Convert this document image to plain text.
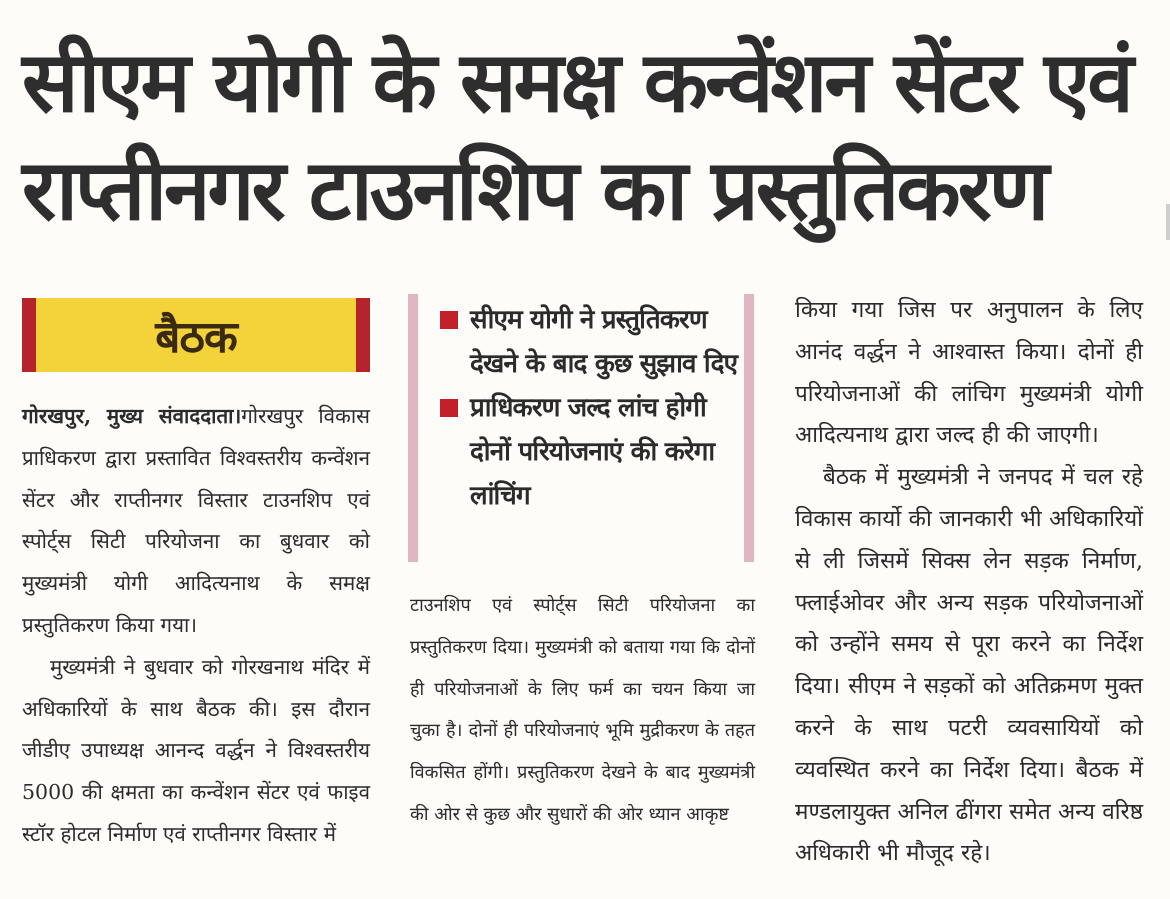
सीएम योगी के समक्ष कन्वेंशन सेंटर एवं
राप्तीनगर टाउनशिप का प्रस्तुतिकरण
बैठक

गोरखपुर, मुख्य संवाददाता।गोरखपुर विकास प्राधिकरण द्वारा प्रस्तावित विश्वस्तरीय कन्वेंशन सेंटर और राप्तीनगर विस्तार टाउनशिप एवं स्पोर्ट्स सिटी परियोजना का बुधवार को मुख्यमंत्री योगी आदित्यनाथ के समक्ष प्रस्तुतिकरण किया गया।

मुख्यमंत्री ने बुधवार को गोरखनाथ मंदिर में अधिकारियों के साथ बैठक की। इस दौरान जीडीए उपाध्यक्ष आनन्द वर्द्धन ने विश्वस्तरीय 5000 की क्षमता का कन्वेंशन सेंटर एवं फाइव स्टॉर होटल निर्माण एवं राप्तीनगर विस्तार में

सीएम योगी ने प्रस्तुतिकरण देखने के बाद कुछ सुझाव दिए
प्राधिकरण जल्द लांच होगी दोनों परियोजनाएं की करेगा लांचिंग

टाउनशिप एवं स्पोर्ट्स सिटी परियोजना का प्रस्तुतिकरण दिया। मुख्यमंत्री को बताया गया कि दोनों ही परियोजनाओं के लिए फर्म का चयन किया जा चुका है। दोनों ही परियोजनाएं भूमि मुद्रीकरण के तहत विकसित होंगी। प्रस्तुतिकरण देखने के बाद मुख्यमंत्री की ओर से कुछ और सुधारों की ओर ध्यान आकृष्ट

किया गया जिस पर अनुपालन के लिए आनंद वर्द्धन ने आश्वास्त किया। दोनों ही परियोजनाओं की लांचिग मुख्यमंत्री योगी आदित्यनाथ द्वारा जल्द ही की जाएगी।

बैठक में मुख्यमंत्री ने जनपद में चल रहे विकास कार्यो की जानकारी भी अधिकारियों से ली जिसमें सिक्स लेन सड़क निर्माण, फ्लाईओवर और अन्य सड़क परियोजनाओं को उन्होंने समय से पूरा करने का निर्देश दिया। सीएम ने सड़कों को अतिक्रमण मुक्त करने के साथ पटरी व्यवसायियों को व्यवस्थित करने का निर्देश दिया। बैठक में मण्डलायुक्त अनिल ढींगरा समेत अन्य वरिष्ठ अधिकारी भी मौजूद रहे।
